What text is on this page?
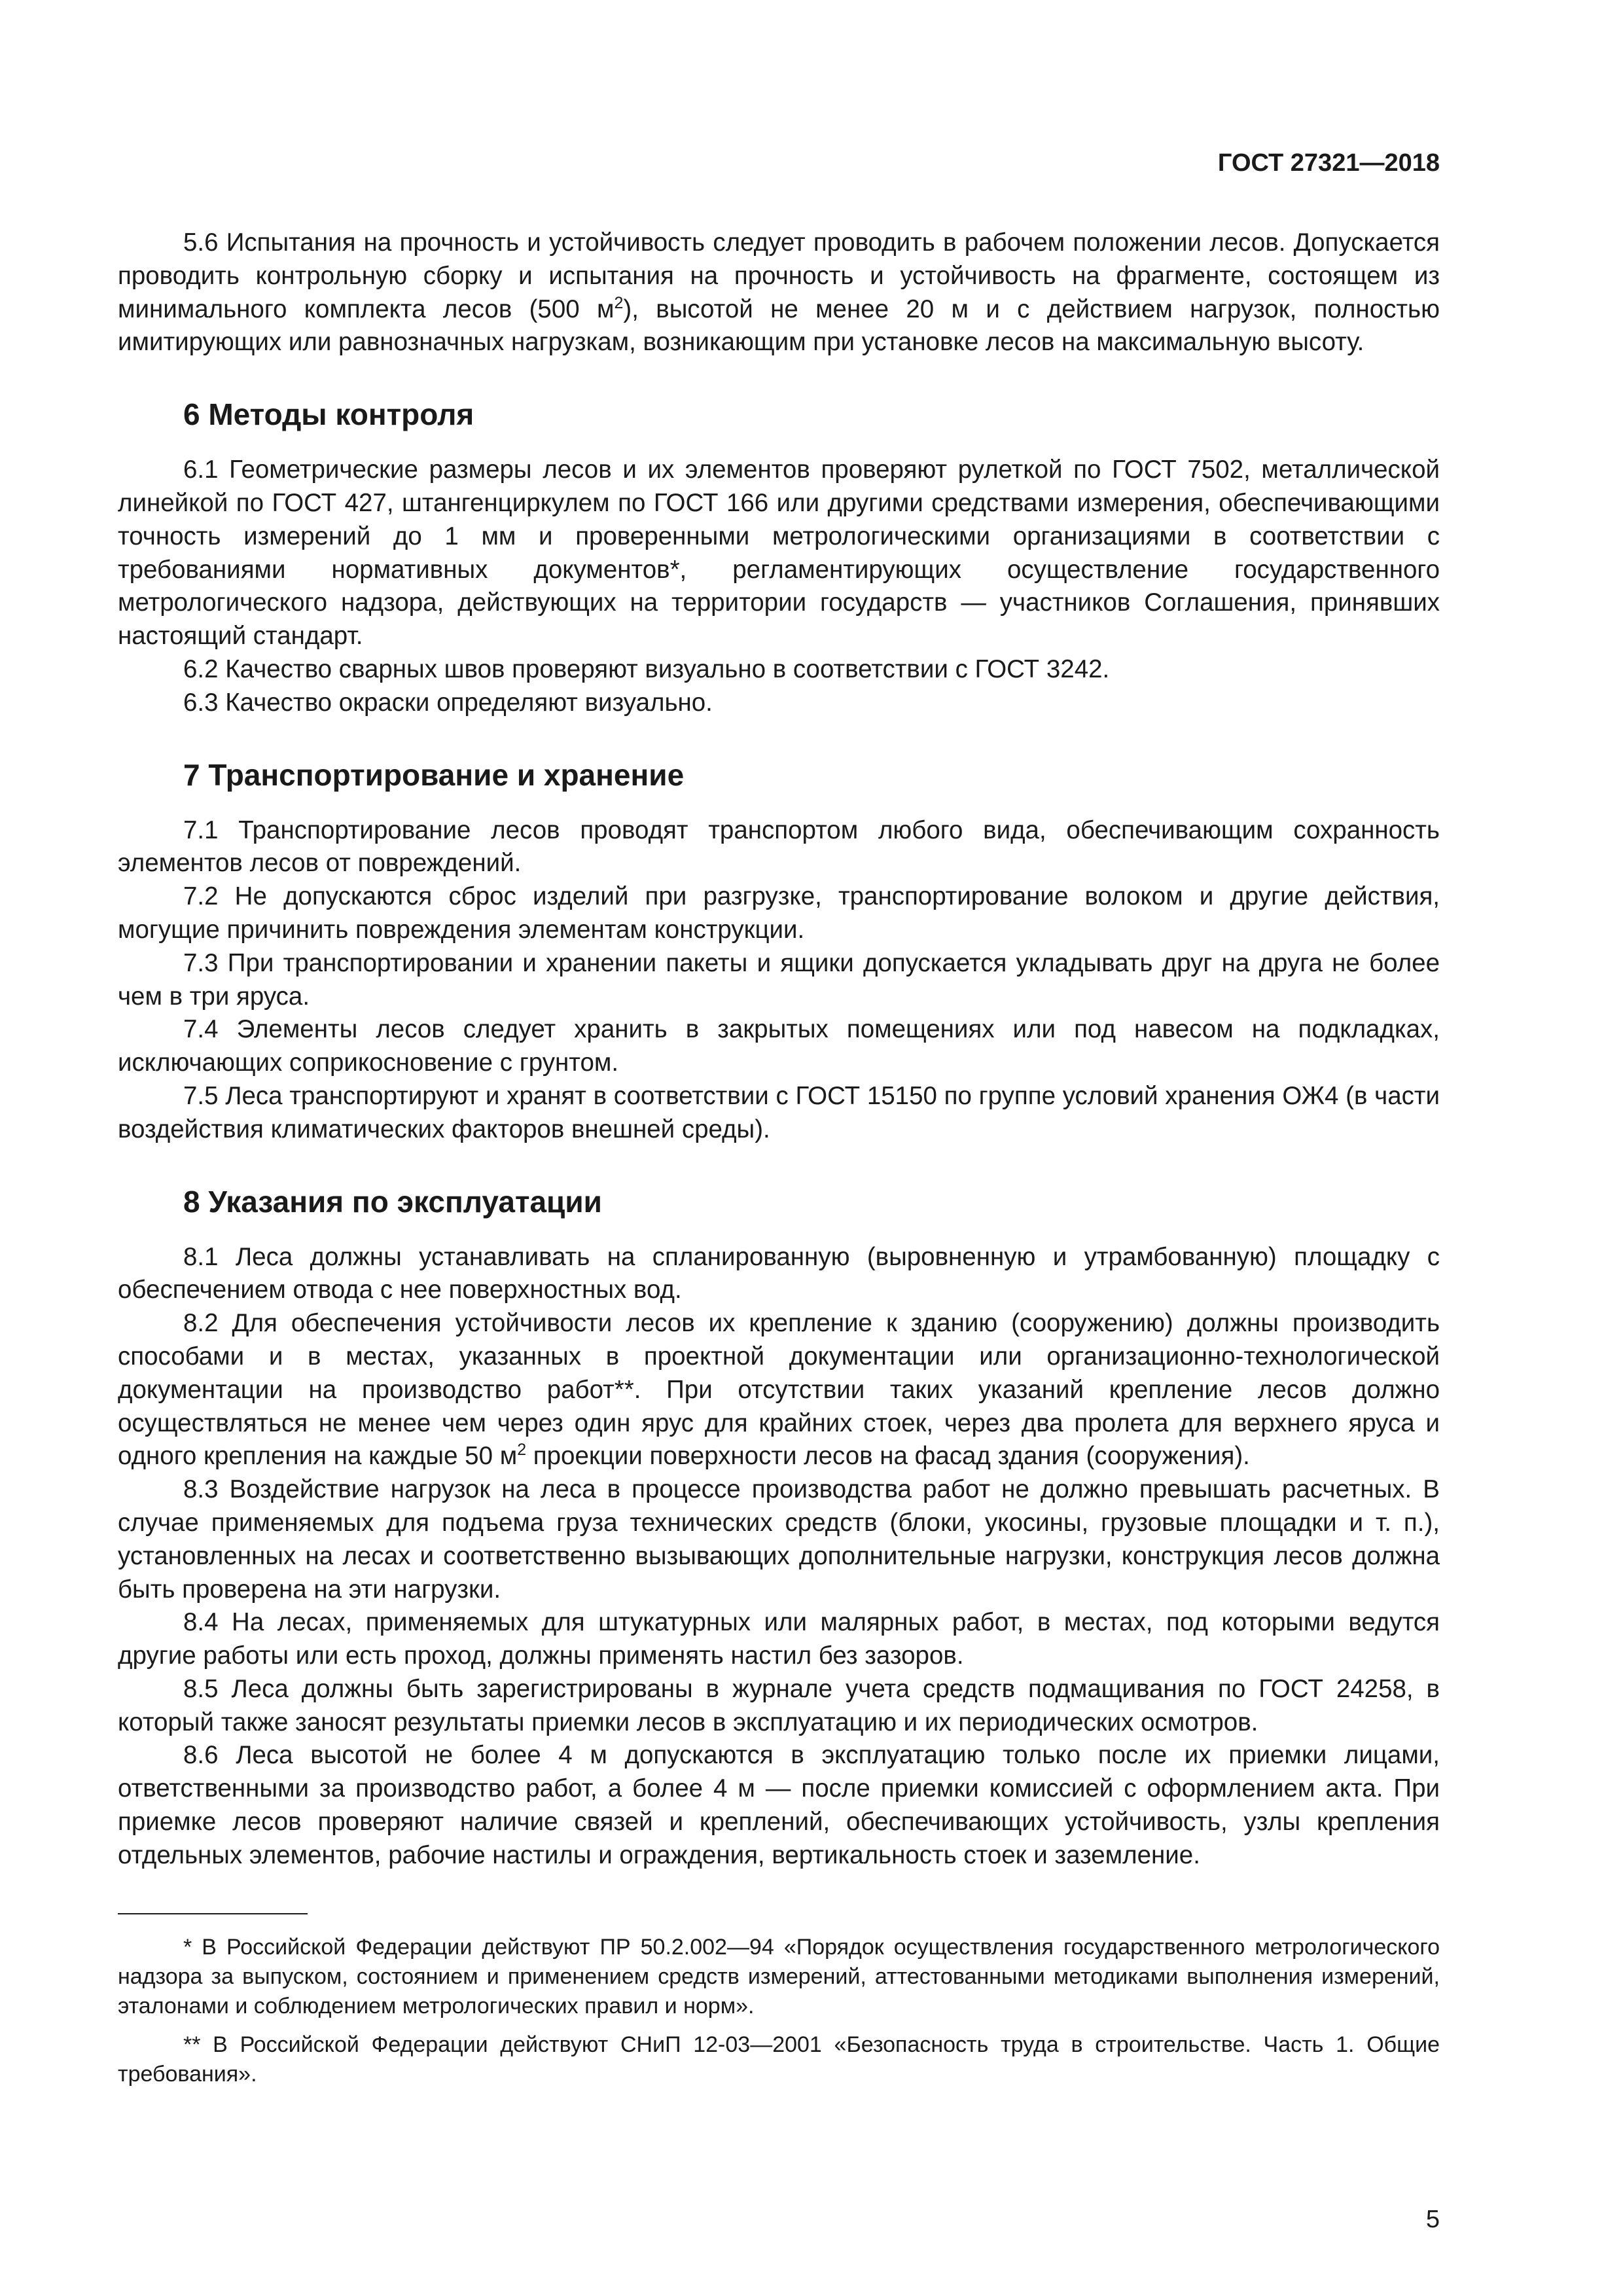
ГОСТ 27321—2018

5.6 Испытания на прочность и устойчивость следует проводить в рабочем положении лесов. Допускается проводить контрольную сборку и испытания на прочность и устойчивость на фрагменте, состоящем из минимального комплекта лесов (500 $м^2$), высотой не менее 20 м и с действием нагрузок, полностью имитирующих или равнозначных нагрузкам, возникающим при установке лесов на максимальную высоту.

6 Методы контроля

6.1 Геометрические размеры лесов и их элементов проверяют рулеткой по ГОСТ 7502, металлической линейкой по ГОСТ 427, штангенциркулем по ГОСТ 166 или другими средствами измерения, обеспечивающими точность измерений до 1 мм и проверенными метрологическими организациями в соответствии с требованиями нормативных документов*, регламентирующих осуществление государственного метрологического надзора, действующих на территории государств — участников Соглашения, принявших настоящий стандарт.

6.2 Качество сварных швов проверяют визуально в соответствии с ГОСТ 3242.

6.3 Качество окраски определяют визуально.

7 Транспортирование и хранение

7.1 Транспортирование лесов проводят транспортом любого вида, обеспечивающим сохранность элементов лесов от повреждений.

7.2 Не допускаются сброс изделий при разгрузке, транспортирование волоком и другие действия, могущие причинить повреждения элементам конструкции.

7.3 При транспортировании и хранении пакеты и ящики допускается укладывать друг на друга не более чем в три яруса.

7.4 Элементы лесов следует хранить в закрытых помещениях или под навесом на подкладках, исключающих соприкосновение с грунтом.

7.5 Леса транспортируют и хранят в соответствии с ГОСТ 15150 по группе условий хранения ОЖ4 (в части воздействия климатических факторов внешней среды).

8 Указания по эксплуатации

8.1 Леса должны устанавливать на спланированную (выровненную и утрамбованную) площадку с обеспечением отвода с нее поверхностных вод.

8.2 Для обеспечения устойчивости лесов их крепление к зданию (сооружению) должны производить способами и в местах, указанных в проектной документации или организационно-технологической документации на производство работ**. При отсутствии таких указаний крепление лесов должно осуществляться не менее чем через один ярус для крайних стоек, через два пролета для верхнего яруса и одного крепления на каждые 50 $м^2$ проекции поверхности лесов на фасад здания (сооружения).

8.3 Воздействие нагрузок на леса в процессе производства работ не должно превышать расчетных. В случае применяемых для подъема груза технических средств (блоки, укосины, грузовые площадки и т. п.), установленных на лесах и соответственно вызывающих дополнительные нагрузки, конструкция лесов должна быть проверена на эти нагрузки.

8.4 На лесах, применяемых для штукатурных или малярных работ, в местах, под которыми ведутся другие работы или есть проход, должны применять настил без зазоров.

8.5 Леса должны быть зарегистрированы в журнале учета средств подмащивания по ГОСТ 24258, в который также заносят результаты приемки лесов в эксплуатацию и их периодических осмотров.

8.6 Леса высотой не более 4 м допускаются в эксплуатацию только после их приемки лицами, ответственными за производство работ, а более 4 м — после приемки комиссией с оформлением акта. При приемке лесов проверяют наличие связей и креплений, обеспечивающих устойчивость, узлы крепления отдельных элементов, рабочие настилы и ограждения, вертикальность стоек и заземление.

* В Российской Федерации действуют ПР 50.2.002—94 «Порядок осуществления государственного метрологического надзора за выпуском, состоянием и применением средств измерений, аттестованными методиками выполнения измерений, эталонами и соблюдением метрологических правил и норм».

** В Российской Федерации действуют СНиП 12-03—2001 «Безопасность труда в строительстве. Часть 1. Общие требования».

5
